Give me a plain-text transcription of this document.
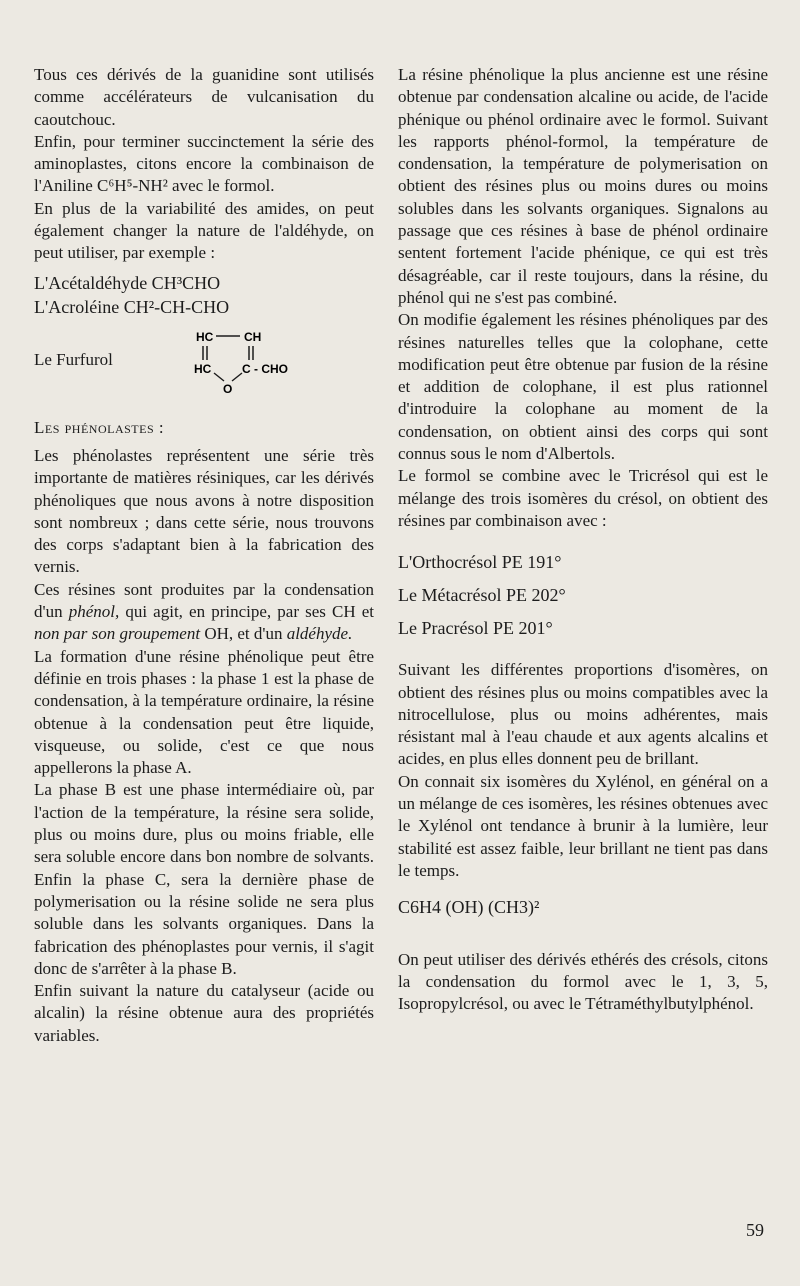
Tous ces dérivés de la guanidine sont utilisés comme accélérateurs de vulcanisation du caoutchouc.

Enfin, pour terminer succinctement la série des aminoplastes, citons encore la combinaison de l'Aniline C⁶H⁵-NH² avec le formol.

En plus de la variabilité des amides, on peut également changer la nature de l'aldéhyde, on peut utiliser, par exemple :

L'Acétaldéhyde CH³CHO

L'Acroléine CH²-CH-CHO

Le Furfurol
HC	CH
HC	C - CHO
O

Les phénolastes :

Les phénolastes représentent une série très importante de matières résiniques, car les dérivés phénoliques que nous avons à notre disposition sont nombreux ; dans cette série, nous trouvons des corps s'adaptant bien à la fabrication des vernis.

Ces résines sont produites par la condensation d'un phénol, qui agit, en principe, par ses CH et non par son groupement OH, et d'un aldéhyde.

La formation d'une résine phénolique peut être définie en trois phases : la phase 1 est la phase de condensation, à la température ordinaire, la résine obtenue à la condensation peut être liquide, visqueuse, ou solide, c'est ce que nous appellerons la phase A.

La phase B est une phase intermédiaire où, par l'action de la température, la résine sera solide, plus ou moins dure, plus ou moins friable, elle sera soluble encore dans bon nombre de solvants. Enfin la phase C, sera la dernière phase de polymerisation ou la résine solide ne sera plus soluble dans les solvants organiques. Dans la fabrication des phénoplastes pour vernis, il s'agit donc de s'arrêter à la phase B.

Enfin suivant la nature du catalyseur (acide ou alcalin) la résine obtenue aura des propriétés variables.

La résine phénolique la plus ancienne est une résine obtenue par condensation alcaline ou acide, de l'acide phénique ou phénol ordinaire avec le formol. Suivant les rapports phénol-formol, la température de condensation, la température de polymerisation on obtient des résines plus ou moins dures ou moins solubles dans les solvants organiques. Signalons au passage que ces résines à base de phénol ordinaire sentent fortement l'acide phénique, ce qui est très désagréable, car il reste toujours, dans la résine, du phénol qui ne s'est pas combiné.

On modifie également les résines phénoliques par des résines naturelles telles que la colophane, cette modification peut être obtenue par fusion de la résine et addition de colophane, il est plus rationnel d'introduire la colophane au moment de la condensation, on obtient ainsi des corps qui sont connus sous le nom d'Albertols.

Le formol se combine avec le Tricrésol qui est le mélange des trois isomères du crésol, on obtient des résines par combinaison avec :

L'Orthocrésol PE 191°

Le Métacrésol PE 202°

Le Pracrésol PE 201°

Suivant les différentes proportions d'isomères, on obtient des résines plus ou moins compatibles avec la nitrocellulose, plus ou moins adhérentes, mais résistant mal à l'eau chaude et aux agents alcalins et acides, en plus elles donnent peu de brillant.

On connait six isomères du Xylénol, en général on a un mélange de ces isomères, les résines obtenues avec le Xylénol ont tendance à brunir à la lumière, leur stabilité est assez faible, leur brillant ne tient pas dans le temps.

C6H4 (OH) (CH3)²

On peut utiliser des dérivés ethérés des crésols, citons la condensation du formol avec le 1, 3, 5, Isopropylcrésol, ou avec le Tétraméthylbutylphénol.

59
